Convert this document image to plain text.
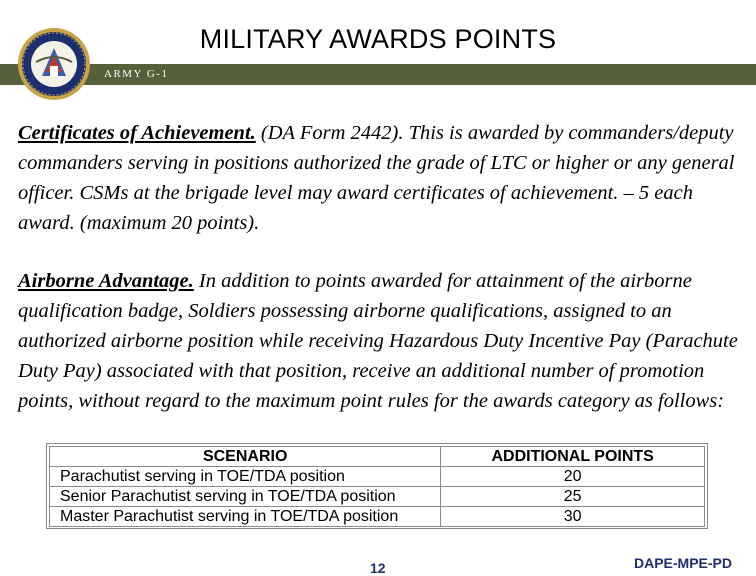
MILITARY AWARDS POINTS
ARMY G-1

Certificates of Achievement. (DA Form 2442). This is awarded by commanders/deputy commanders serving in positions authorized the grade of LTC or higher or any general officer. CSMs at the brigade level may award certificates of achievement. – 5 each award. (maximum 20 points).

Airborne Advantage. In addition to points awarded for attainment of the airborne qualification badge, Soldiers possessing airborne qualifications, assigned to an authorized airborne position while receiving Hazardous Duty Incentive Pay (Parachute Duty Pay) associated with that position, receive an additional number of promotion points, without regard to the maximum point rules for the awards category as follows:

SCENARIO	ADDITIONAL POINTS
Parachutist serving in TOE/TDA position	20
Senior Parachutist serving in TOE/TDA position	25
Master Parachutist serving in TOE/TDA position	30
12	DAPE-MPE-PD
